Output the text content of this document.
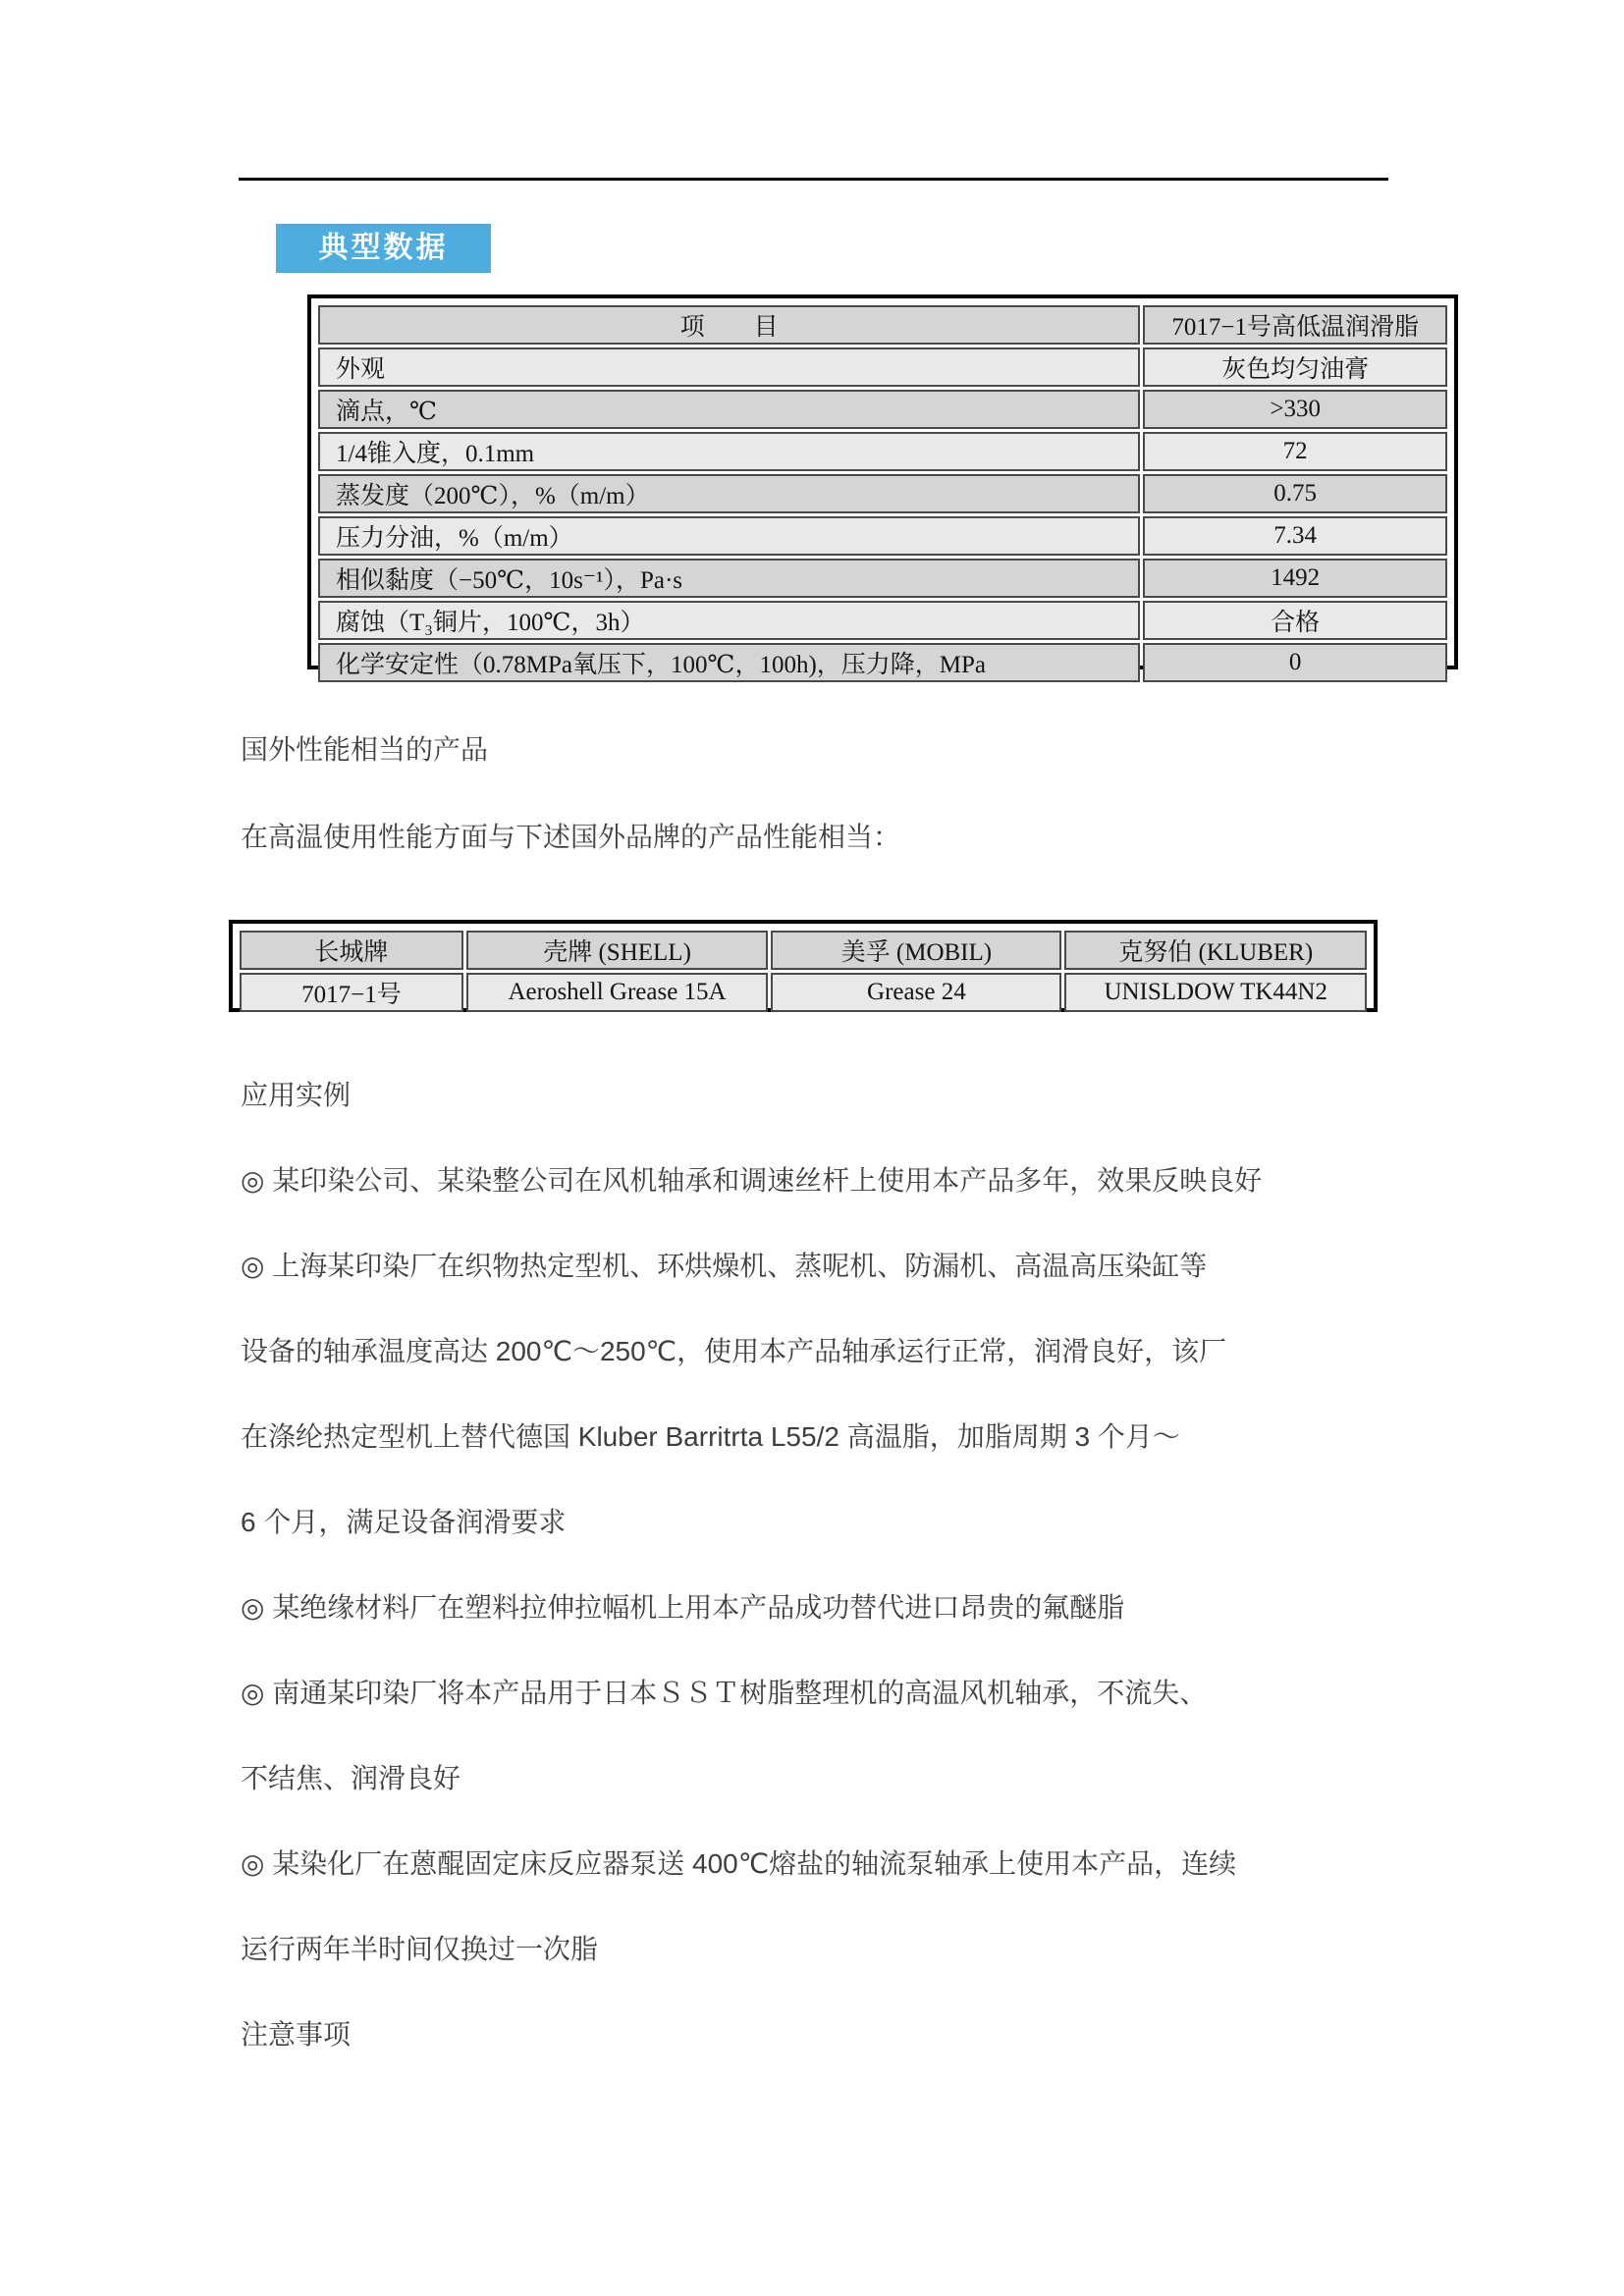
典型数据
项　　目	7017−1号高低温润滑脂
外观	灰色均匀油膏
滴点，℃	>330
1/4锥入度，0.1mm	72
蒸发度（200℃），%（m/m）	0.75
压力分油，%（m/m）	7.34
相似黏度（−50℃，10s⁻¹），Pa·s	1492
腐蚀（T₃铜片，100℃，3h）	合格
化学安定性（0.78MPa氧压下，100℃，100h)，压力降，MPa	0
国外性能相当的产品
在高温使用性能方面与下述国外品牌的产品性能相当：
长城牌	壳牌 (SHELL)	美孚 (MOBIL)	克努伯 (KLUBER)
7017−1号	Aeroshell Grease 15A	Grease 24	UNISLDOW TK44N2
应用实例
◎ 某印染公司、某染整公司在风机轴承和调速丝杆上使用本产品多年，效果反映良好
◎ 上海某印染厂在织物热定型机、环烘燥机、蒸呢机、防漏机、高温高压染缸等
设备的轴承温度高达 200℃～250℃，使用本产品轴承运行正常，润滑良好，该厂
在涤纶热定型机上替代德国 Kluber Barritrta L55/2 高温脂，加脂周期 3 个月～
6 个月，满足设备润滑要求
◎ 某绝缘材料厂在塑料拉伸拉幅机上用本产品成功替代进口昂贵的氟醚脂
◎ 南通某印染厂将本产品用于日本ＳＳＴ树脂整理机的高温风机轴承，不流失、
不结焦、润滑良好
◎ 某染化厂在蒽醌固定床反应器泵送 400℃熔盐的轴流泵轴承上使用本产品，连续
运行两年半时间仅换过一次脂
注意事项
